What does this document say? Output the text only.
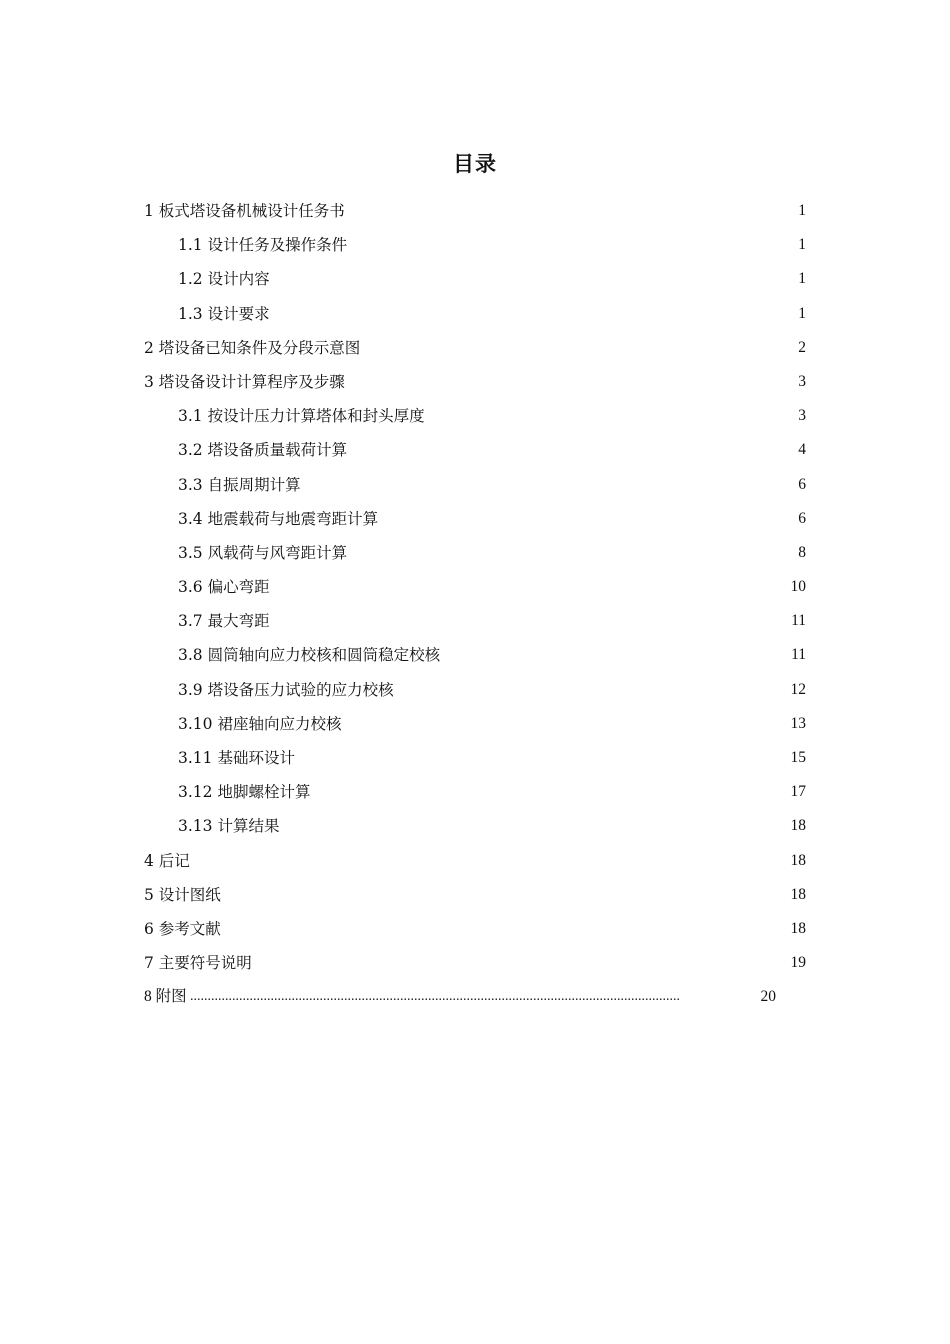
目录
1 板式塔设备机械设计任务书	1
1.1 设计任务及操作条件	1
1.2 设计内容	1
1.3 设计要求	1
2 塔设备已知条件及分段示意图	2
3 塔设备设计计算程序及步骤	3
3.1 按设计压力计算塔体和封头厚度	3
3.2 塔设备质量载荷计算	4
3.3 自振周期计算	6
3.4 地震载荷与地震弯距计算	6
3.5 风载荷与风弯距计算	8
3.6 偏心弯距	10
3.7 最大弯距	11
3.8 圆筒轴向应力校核和圆筒稳定校核	11
3.9 塔设备压力试验的应力校核	12
3.10 裙座轴向应力校核	13
3.11 基础环设计	15
3.12 地脚螺栓计算	17
3.13 计算结果	18
4 后记	18
5 设计图纸	18
6 参考文献	18
7 主要符号说明	19
8 附图 ............................................................................................................................................	20
